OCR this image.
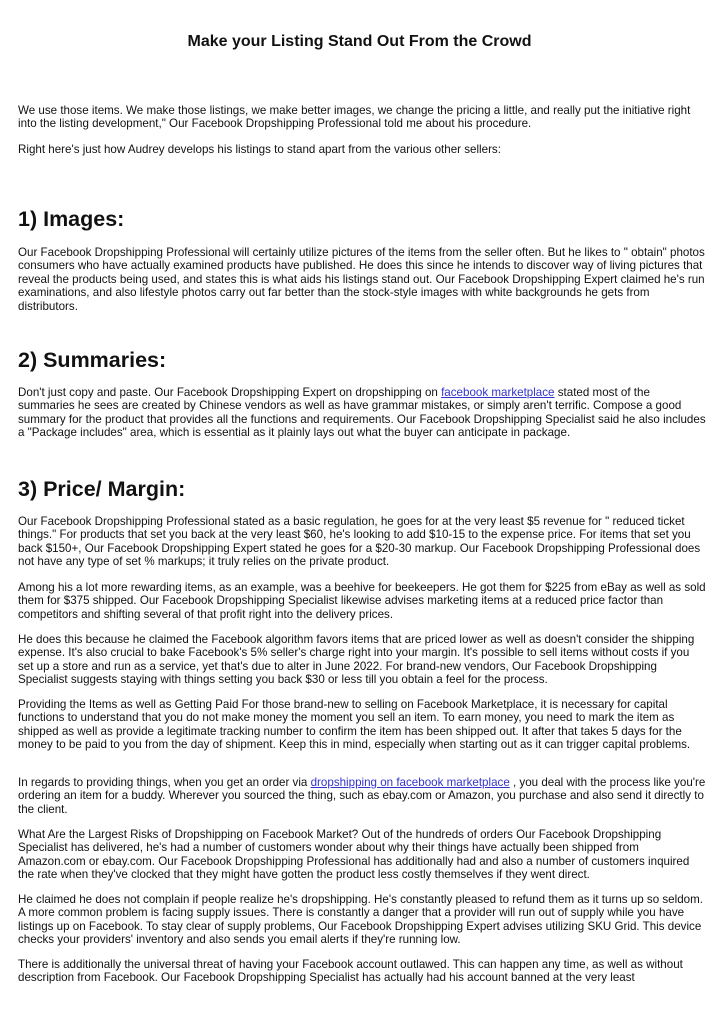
Make your Listing Stand Out From the Crowd

We use those items. We make those listings, we make better images, we change the pricing a little, and really put the initiative right into the listing development," Our Facebook Dropshipping Professional told me about his procedure.

Right here's just how Audrey develops his listings to stand apart from the various other sellers:

1) Images:

Our Facebook Dropshipping Professional will certainly utilize pictures of the items from the seller often. But he likes to " obtain" photos consumers who have actually examined products have published. He does this since he intends to discover way of living pictures that reveal the products being used, and states this is what aids his listings stand out. Our Facebook Dropshipping Expert claimed he's run examinations, and also lifestyle photos carry out far better than the stock-style images with white backgrounds he gets from distributors.

2) Summaries:

Don't just copy and paste. Our Facebook Dropshipping Expert on dropshipping on facebook marketplace stated most of the summaries he sees are created by Chinese vendors as well as have grammar mistakes, or simply aren't terrific. Compose a good summary for the product that provides all the functions and requirements. Our Facebook Dropshipping Specialist said he also includes a "Package includes" area, which is essential as it plainly lays out what the buyer can anticipate in package.

3) Price/ Margin:

Our Facebook Dropshipping Professional stated as a basic regulation, he goes for at the very least $5 revenue for " reduced ticket things." For products that set you back at the very least $60, he's looking to add $10-15 to the expense price. For items that set you back $150+, Our Facebook Dropshipping Expert stated he goes for a $20-30 markup. Our Facebook Dropshipping Professional does not have any type of set % markups; it truly relies on the private product.

Among his a lot more rewarding items, as an example, was a beehive for beekeepers. He got them for $225 from eBay as well as sold them for $375 shipped. Our Facebook Dropshipping Specialist likewise advises marketing items at a reduced price factor than competitors and shifting several of that profit right into the delivery prices.

He does this because he claimed the Facebook algorithm favors items that are priced lower as well as doesn't consider the shipping expense. It's also crucial to bake Facebook's 5% seller's charge right into your margin. It's possible to sell items without costs if you set up a store and run as a service, yet that's due to alter in June 2022. For brand-new vendors, Our Facebook Dropshipping Specialist suggests staying with things setting you back $30 or less till you obtain a feel for the process.

Providing the Items as well as Getting Paid For those brand-new to selling on Facebook Marketplace, it is necessary for capital functions to understand that you do not make money the moment you sell an item. To earn money, you need to mark the item as shipped as well as provide a legitimate tracking number to confirm the item has been shipped out. It after that takes 5 days for the money to be paid to you from the day of shipment. Keep this in mind, especially when starting out as it can trigger capital problems.

In regards to providing things, when you get an order via dropshipping on facebook marketplace , you deal with the process like you're ordering an item for a buddy. Wherever you sourced the thing, such as ebay.com or Amazon, you purchase and also send it directly to the client.

What Are the Largest Risks of Dropshipping on Facebook Market? Out of the hundreds of orders Our Facebook Dropshipping Specialist has delivered, he's had a number of customers wonder about why their things have actually been shipped from Amazon.com or ebay.com. Our Facebook Dropshipping Professional has additionally had and also a number of customers inquired the rate when they've clocked that they might have gotten the product less costly themselves if they went direct.

He claimed he does not complain if people realize he's dropshipping. He's constantly pleased to refund them as it turns up so seldom. A more common problem is facing supply issues. There is constantly a danger that a provider will run out of supply while you have listings up on Facebook. To stay clear of supply problems, Our Facebook Dropshipping Expert advises utilizing SKU Grid. This device checks your providers' inventory and also sends you email alerts if they're running low.

There is additionally the universal threat of having your Facebook account outlawed. This can happen any time, as well as without description from Facebook. Our Facebook Dropshipping Specialist has actually had his account banned at the very least
